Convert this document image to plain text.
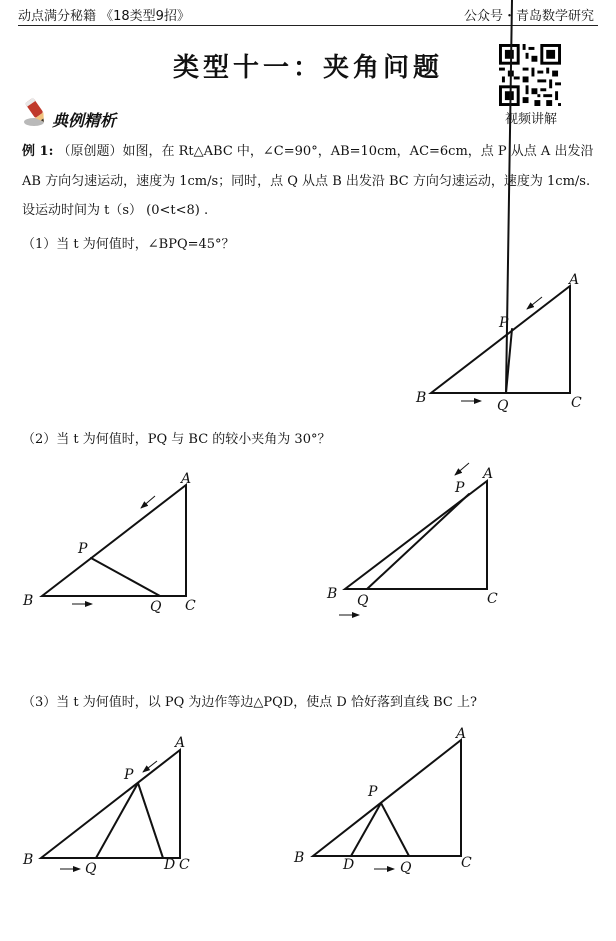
动点满分秘籍 《18类型9招》	公众号・青岛数学研究
类型十一：夹角问题
视频讲解
典例精析
例 1: （原创题）如图，在 Rt△ABC 中，∠C=90°，AB=10cm，AC=6cm，点 P 从点 A 出发沿
AB 方向匀速运动，速度为 1cm/s；同时，点 Q 从点 B 出发沿 BC 方向匀速运动，速度为 1cm/s.
设运动时间为 t（s） (0<t<8) .
（1）当 t 为何值时，∠BPQ=45°？
（2）当 t 为何值时，PQ 与 BC 的较小夹角为 30°？
（3）当 t 为何值时，以 PQ 为边作等边△PQD，使点 D 恰好落到直线 BC 上?
A
B	C
P
Q
A
B	C
P
Q
A
B	C
P
Q
A
B	C
D
P
Q
A
B	C
D
P
Q
